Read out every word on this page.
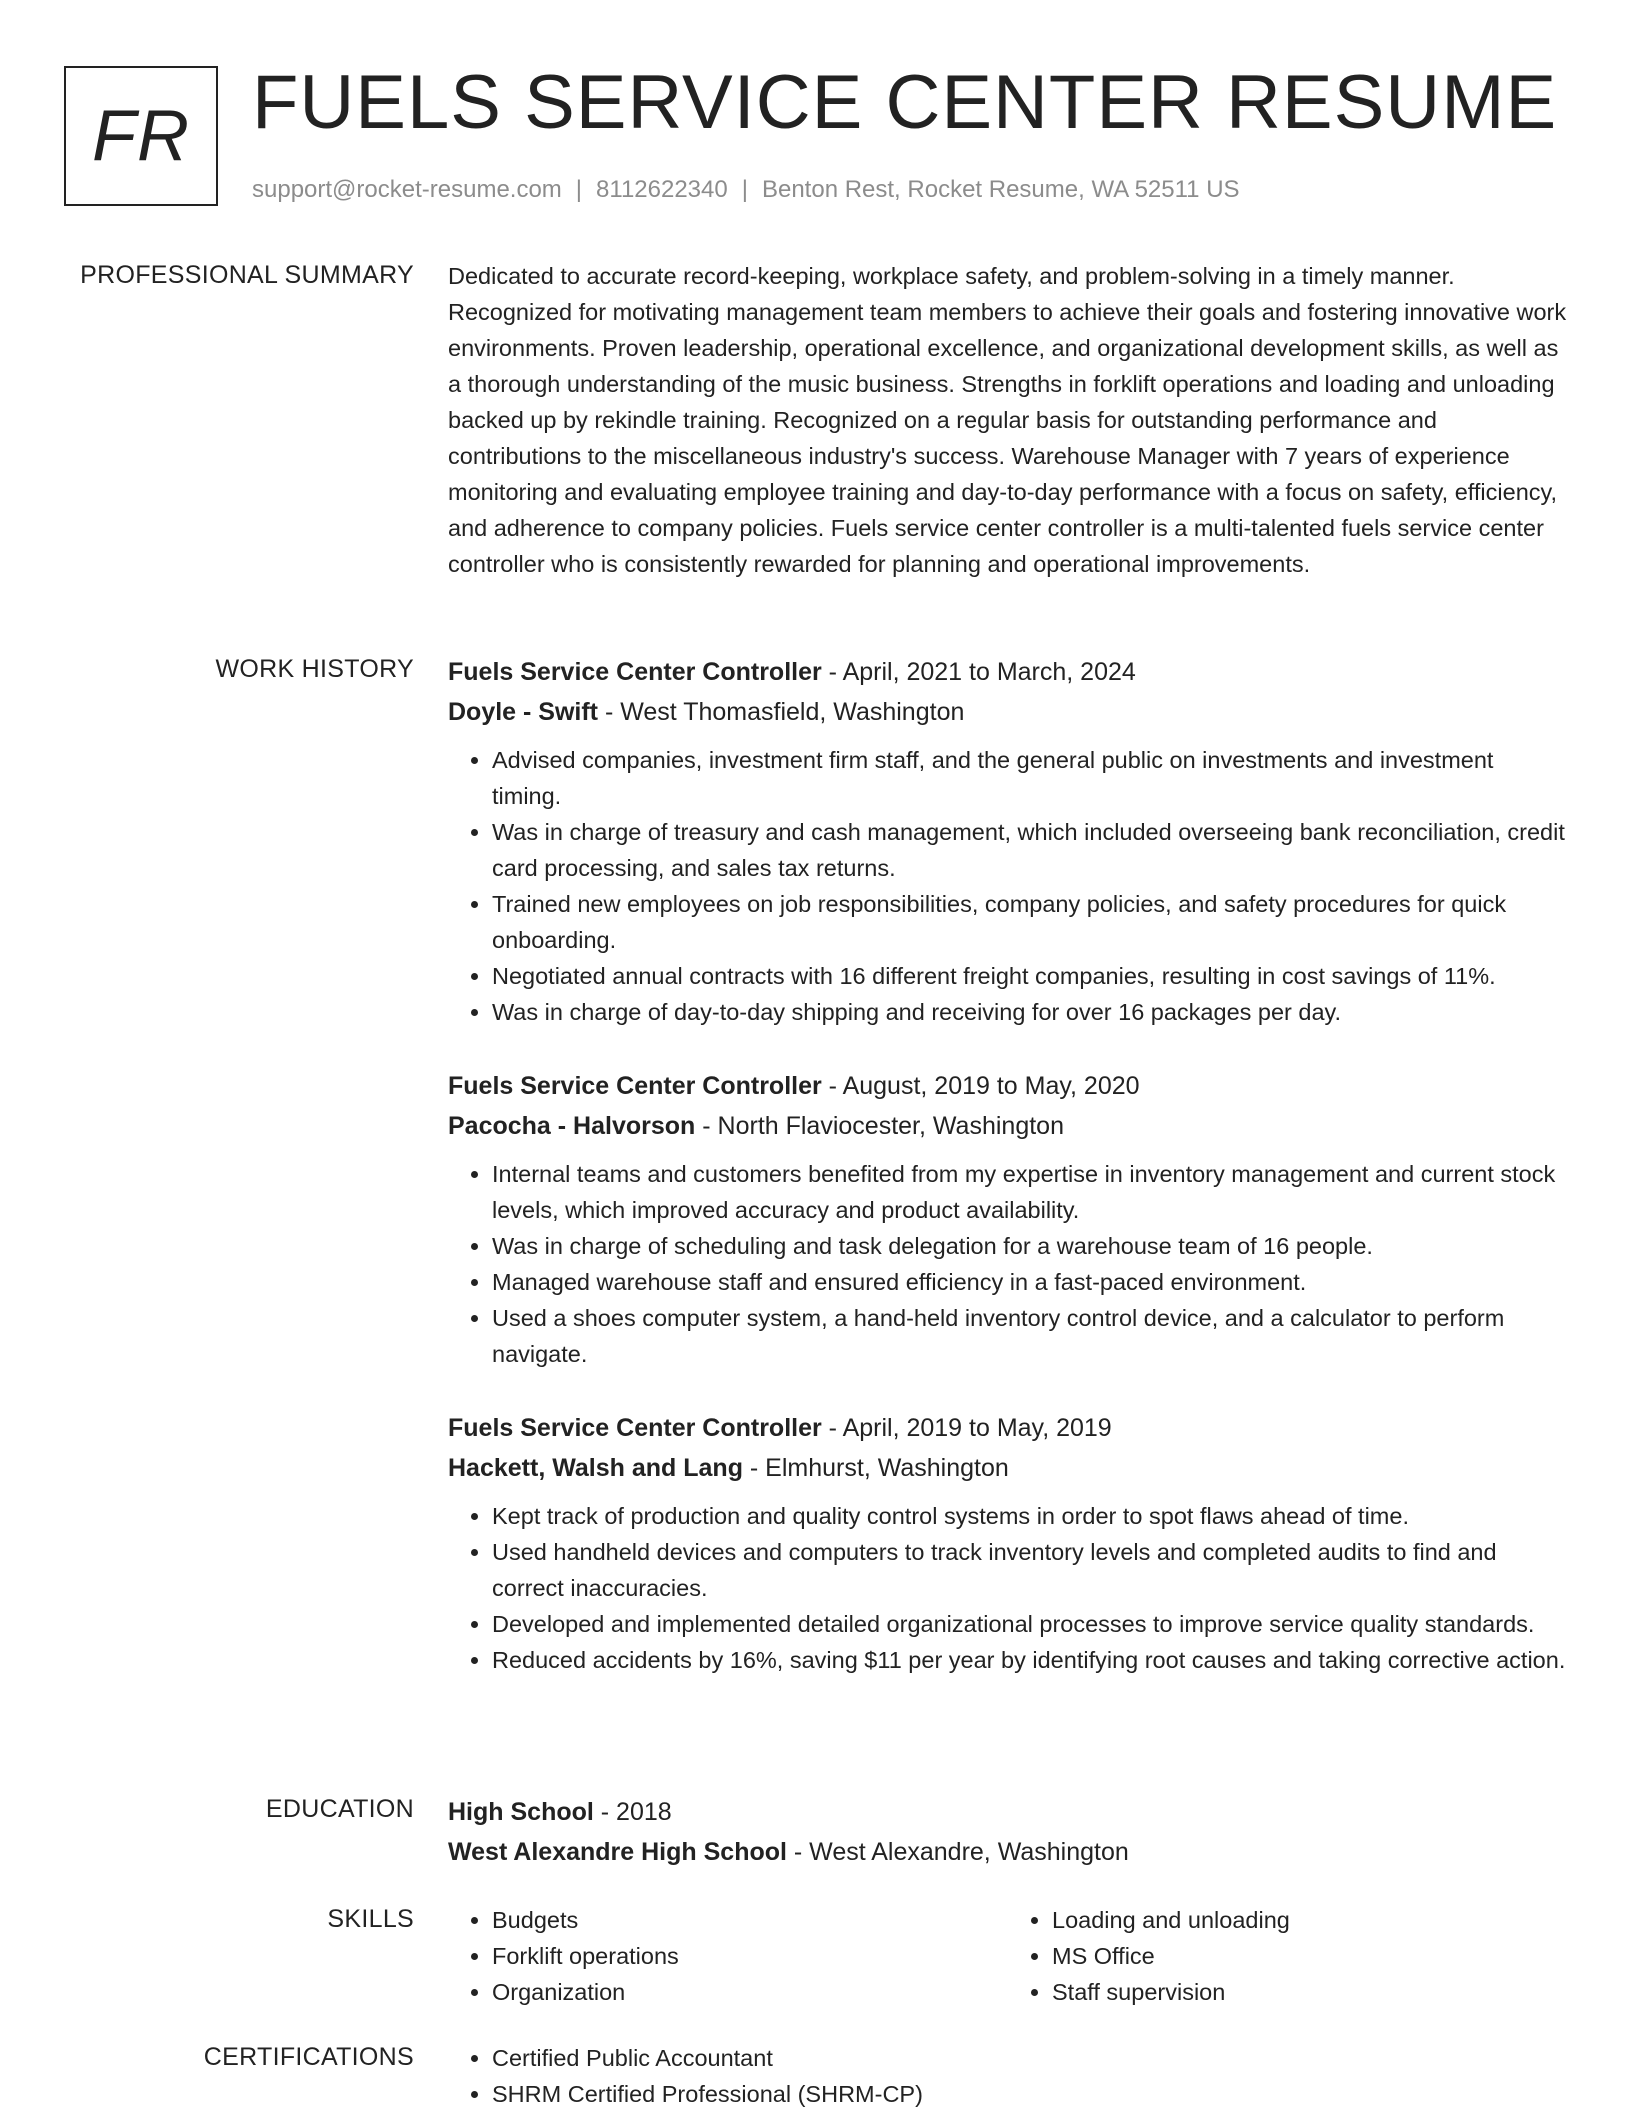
FR FUELS SERVICE CENTER RESUME
support@rocket-resume.com | 8112622340 | Benton Rest, Rocket Resume, WA 52511 US
PROFESSIONAL SUMMARY Dedicated to accurate record-keeping, workplace safety, and problem-solving in a timely manner. Recognized for motivating management team members to achieve their goals and fostering innovative work environments. Proven leadership, operational excellence, and organizational development skills, as well as a thorough understanding of the music business. Strengths in forklift operations and loading and unloading backed up by rekindle training. Recognized on a regular basis for outstanding performance and contributions to the miscellaneous industry's success. Warehouse Manager with 7 years of experience monitoring and evaluating employee training and day-to-day performance with a focus on safety, efficiency, and adherence to company policies. Fuels service center controller is a multi-talented fuels service center controller who is consistently rewarded for planning and operational improvements.

WORK HISTORY Fuels Service Center Controller - April, 2021 to March, 2024
Doyle - Swift - West Thomasfield, Washington
• Advised companies, investment firm staff, and the general public on investments and investment timing.
• Was in charge of treasury and cash management, which included overseeing bank reconciliation, credit card processing, and sales tax returns.
• Trained new employees on job responsibilities, company policies, and safety procedures for quick onboarding.
• Negotiated annual contracts with 16 different freight companies, resulting in cost savings of 11%.
• Was in charge of day-to-day shipping and receiving for over 16 packages per day.
Fuels Service Center Controller - August, 2019 to May, 2020
Pacocha - Halvorson - North Flaviocester, Washington
• Internal teams and customers benefited from my expertise in inventory management and current stock levels, which improved accuracy and product availability.
• Was in charge of scheduling and task delegation for a warehouse team of 16 people.
• Managed warehouse staff and ensured efficiency in a fast-paced environment.
• Used a shoes computer system, a hand-held inventory control device, and a calculator to perform navigate.
Fuels Service Center Controller - April, 2019 to May, 2019
Hackett, Walsh and Lang - Elmhurst, Washington
• Kept track of production and quality control systems in order to spot flaws ahead of time.
• Used handheld devices and computers to track inventory levels and completed audits to find and correct inaccuracies.
• Developed and implemented detailed organizational processes to improve service quality standards.
• Reduced accidents by 16%, saving $11 per year by identifying root causes and taking corrective action.
EDUCATION High School - 2018
West Alexandre High School - West Alexandre, Washington
SKILLS	• Budgets
• Forklift operations
• Organization
• Loading and unloading
• MS Office
• Staff supervision
CERTIFICATIONS	• Certified Public Accountant
• SHRM Certified Professional (SHRM-CP)
